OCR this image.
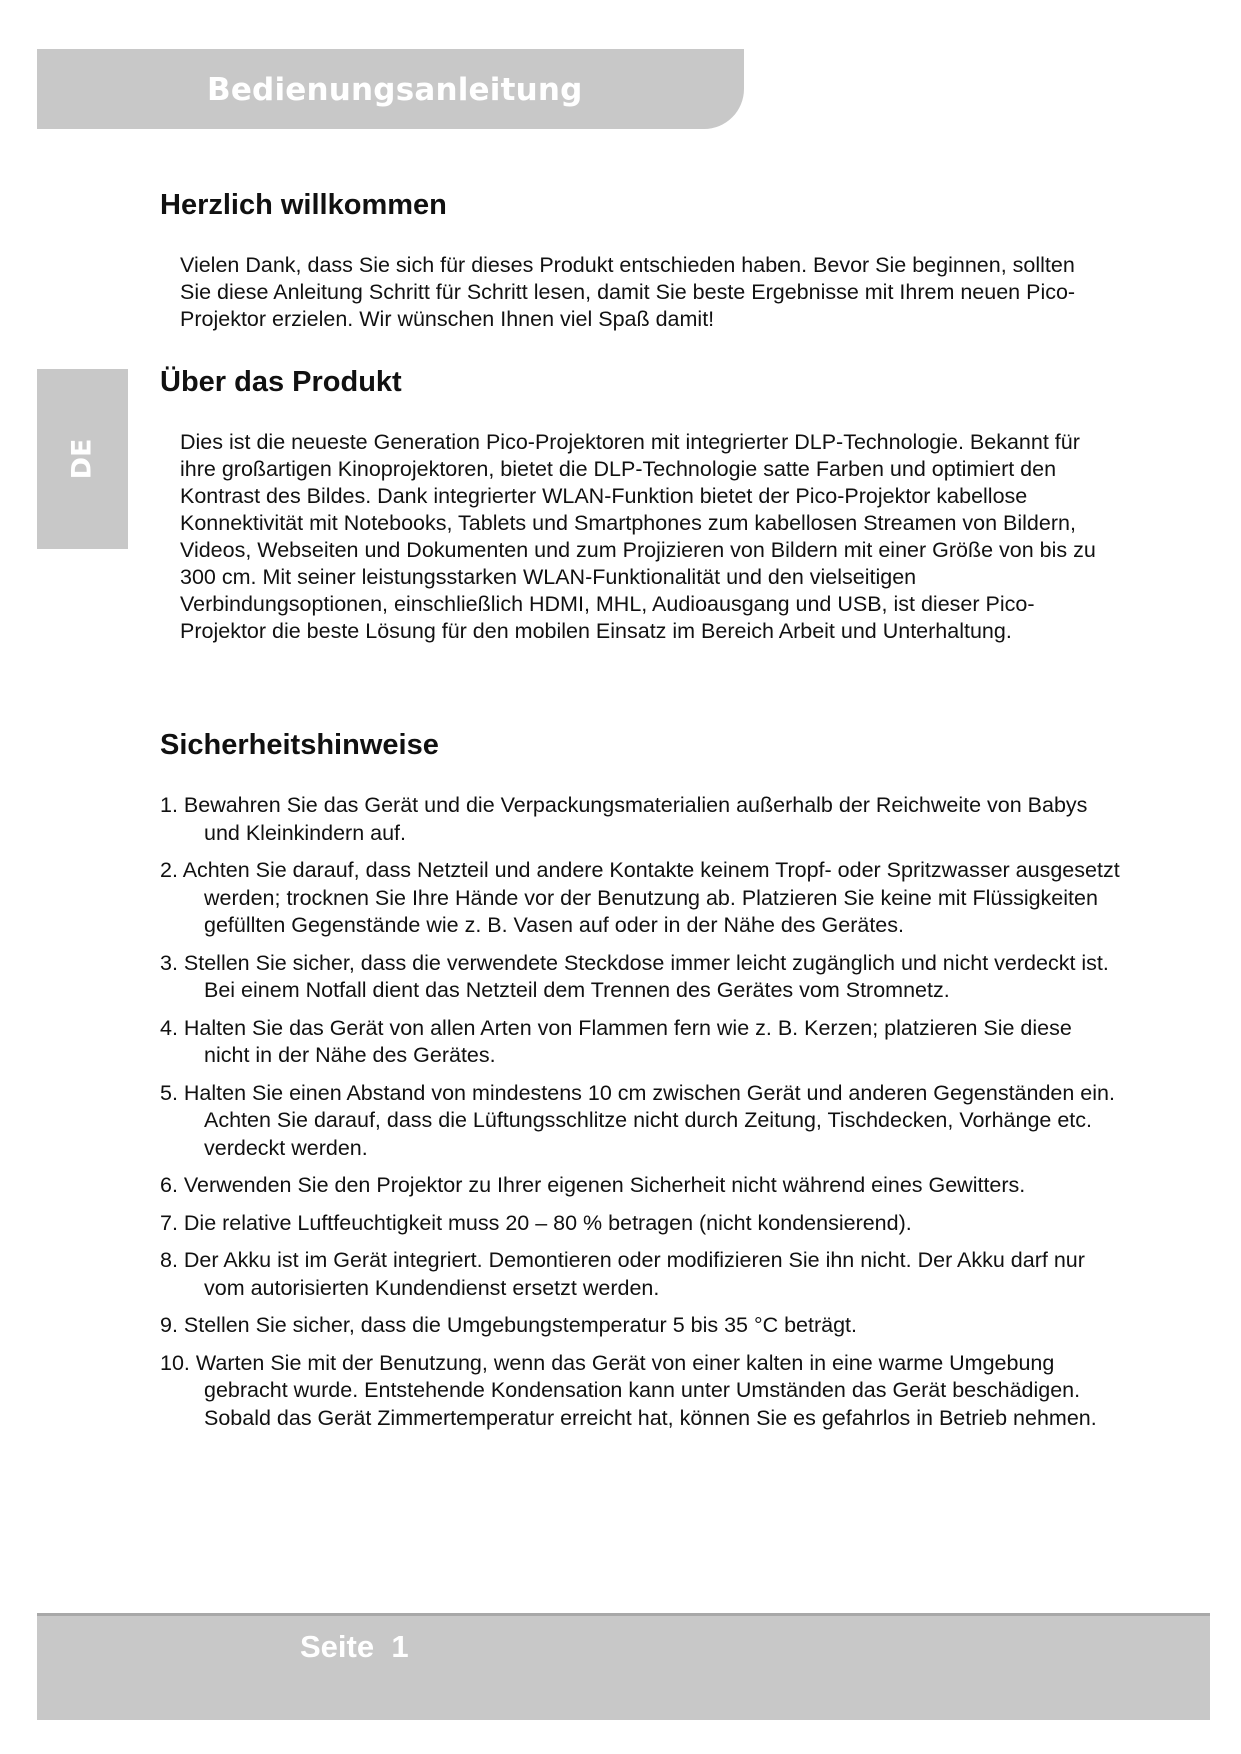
Bedienungsanleitung
DE
Herzlich willkommen

Vielen Dank, dass Sie sich für dieses Produkt entschieden haben. Bevor Sie beginnen, sollten Sie diese Anleitung Schritt für Schritt lesen, damit Sie beste Ergebnisse mit Ihrem neuen Pico-Projektor erzielen. Wir wünschen Ihnen viel Spaß damit!

Über das Produkt

Dies ist die neueste Generation Pico-Projektoren mit integrierter DLP-Technologie. Bekannt für ihre großartigen Kinoprojektoren, bietet die DLP-Technologie satte Farben und optimiert den Kontrast des Bildes. Dank integrierter WLAN-Funktion bietet der Pico-Projektor kabellose Konnektivität mit Notebooks, Tablets und Smartphones zum kabellosen Streamen von Bildern, Videos, Webseiten und Dokumenten und zum Projizieren von Bildern mit einer Größe von bis zu 300 cm. Mit seiner leistungsstarken WLAN-Funktionalität und den vielseitigen Verbindungsoptionen, einschließlich HDMI, MHL, Audioausgang und USB, ist dieser Pico-Projektor die beste Lösung für den mobilen Einsatz im Bereich Arbeit und Unterhaltung.

Sicherheitshinweise
1. Bewahren Sie das Gerät und die Verpackungsmaterialien außerhalb der Reichweite von Babys und Kleinkindern auf.
2. Achten Sie darauf, dass Netzteil und andere Kontakte keinem Tropf- oder Spritzwasser ausgesetzt werden; trocknen Sie Ihre Hände vor der Benutzung ab. Platzieren Sie keine mit Flüssigkeiten gefüllten Gegenstände wie z. B. Vasen auf oder in der Nähe des Gerätes.
3. Stellen Sie sicher, dass die verwendete Steckdose immer leicht zugänglich und nicht verdeckt ist. Bei einem Notfall dient das Netzteil dem Trennen des Gerätes vom Stromnetz.
4. Halten Sie das Gerät von allen Arten von Flammen fern wie z. B. Kerzen; platzieren Sie diese nicht in der Nähe des Gerätes.
5. Halten Sie einen Abstand von mindestens 10 cm zwischen Gerät und anderen Gegenständen ein. Achten Sie darauf, dass die Lüftungsschlitze nicht durch Zeitung, Tischdecken, Vorhänge etc. verdeckt werden.
6. Verwenden Sie den Projektor zu Ihrer eigenen Sicherheit nicht während eines Gewitters.
7. Die relative Luftfeuchtigkeit muss 20 – 80 % betragen (nicht kondensierend).
8. Der Akku ist im Gerät integriert. Demontieren oder modifizieren Sie ihn nicht. Der Akku darf nur vom autorisierten Kundendienst ersetzt werden.
9. Stellen Sie sicher, dass die Umgebungstemperatur 5 bis 35 °C beträgt.
10. Warten Sie mit der Benutzung, wenn das Gerät von einer kalten in eine warme Umgebung gebracht wurde. Entstehende Kondensation kann unter Umständen das Gerät beschädigen. Sobald das Gerät Zimmertemperatur erreicht hat, können Sie es gefahrlos in Betrieb nehmen.
Seite  1
